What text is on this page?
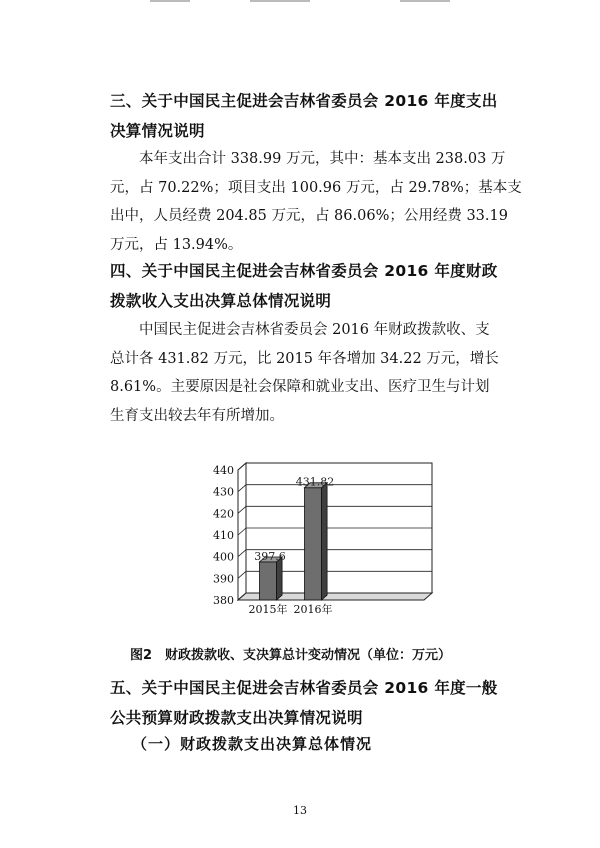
三、关于中国民主促进会吉林省委员会 2016 年度支出
决算情况说明
本年支出合计 338.99 万元，其中：基本支出 238.03 万
元，占 70.22%；项目支出 100.96 万元，占 29.78%；基本支
出中，人员经费 204.85 万元，占 86.06%；公用经费 33.19
万元，占 13.94%。
四、关于中国民主促进会吉林省委员会 2016 年度财政
拨款收入支出决算总体情况说明
中国民主促进会吉林省委员会 2016 年财政拨款收、支
总计各 431.82 万元，比 2015 年各增加 34.22 万元，增长
8.61%。主要原因是社会保障和就业支出、医疗卫生与计划
生育支出较去年有所增加。
380
390
400
410
420
430
440
397.6
2015年
431.82
2016年
图2　财政拨款收、支决算总计变动情况（单位：万元）
五、关于中国民主促进会吉林省委员会 2016 年度一般
公共预算财政拨款支出决算情况说明
（一）财政拨款支出决算总体情况
13
